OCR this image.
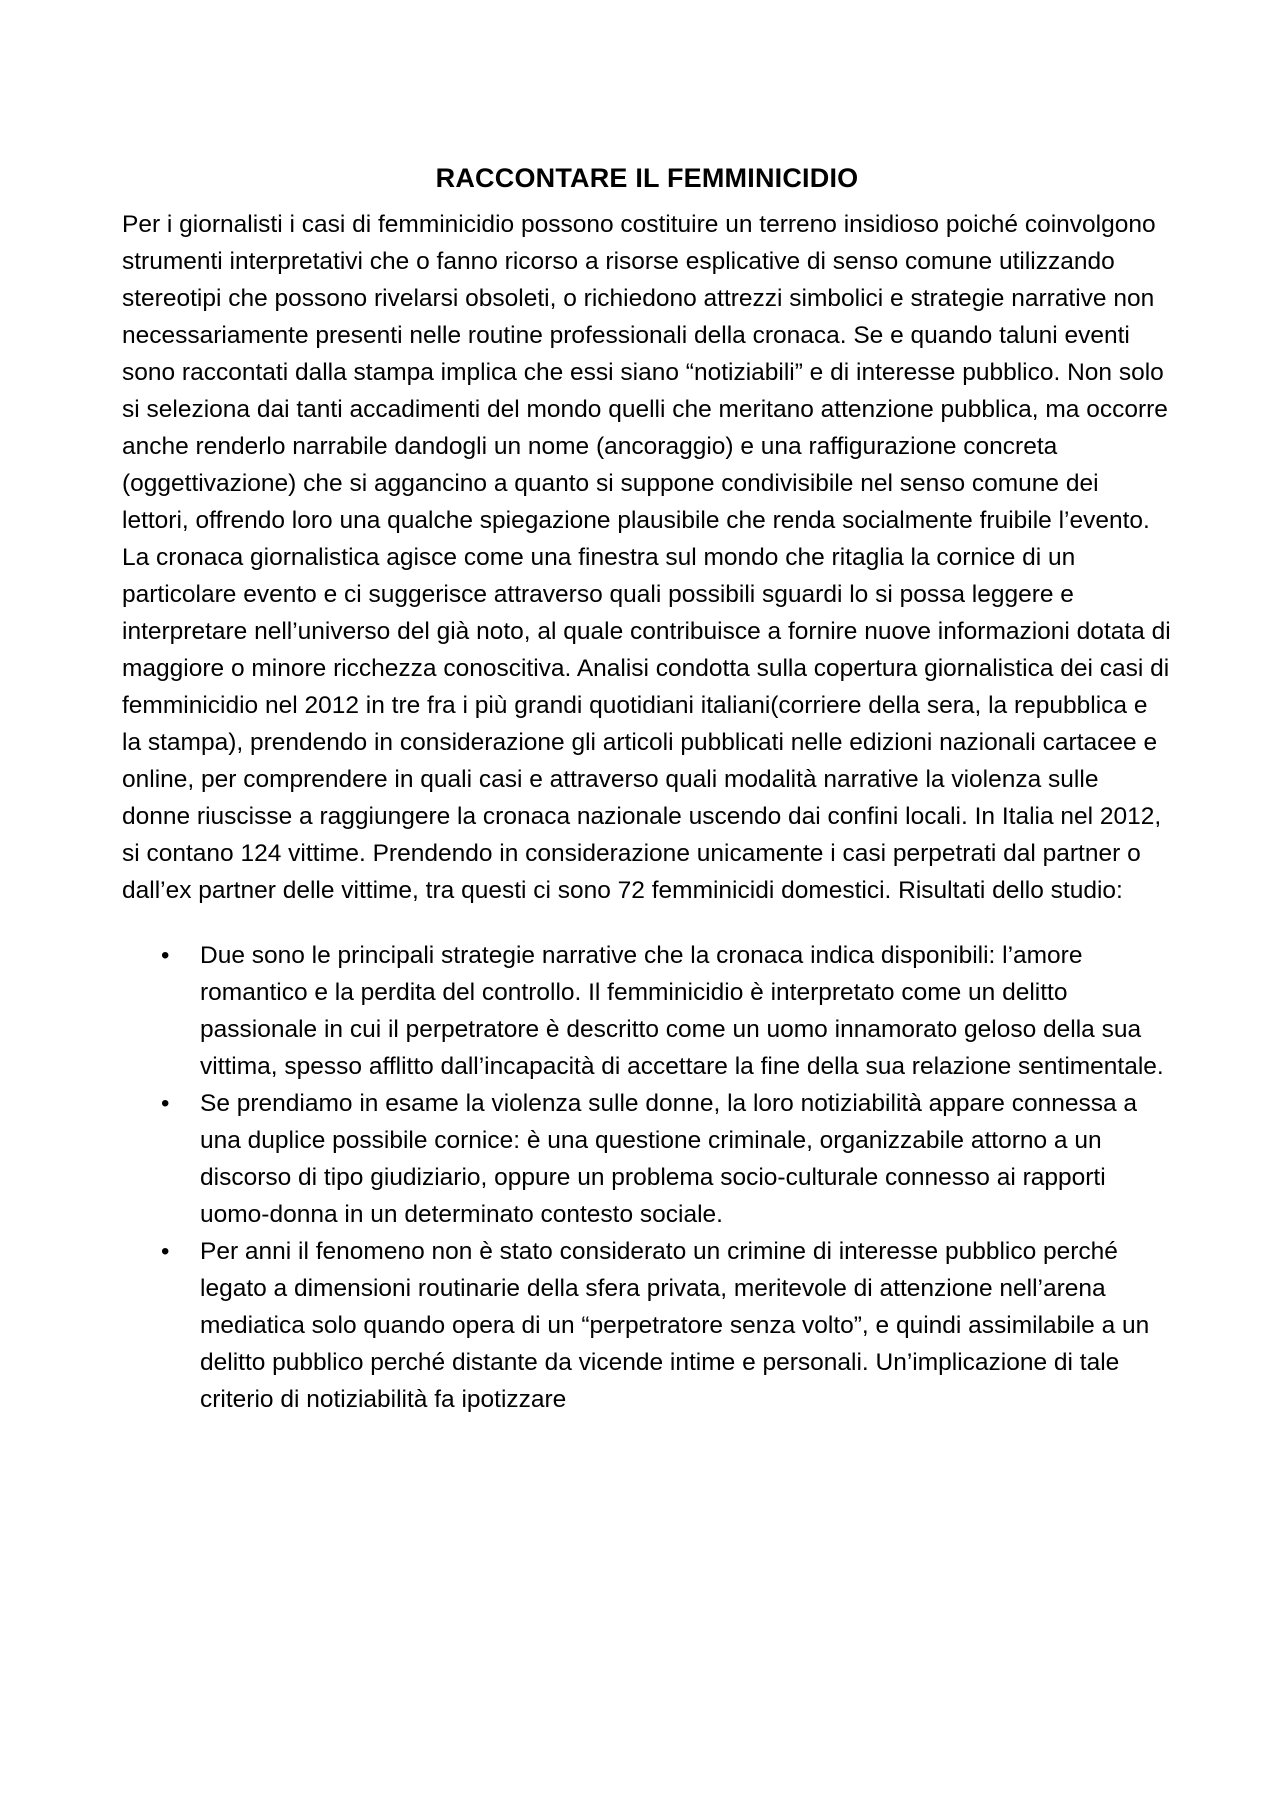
RACCONTARE IL FEMMINICIDIO

Per i giornalisti i casi di femminicidio possono costituire un terreno insidioso poiché coinvolgono strumenti interpretativi che o fanno ricorso a risorse esplicative di senso comune utilizzando stereotipi che possono rivelarsi obsoleti, o richiedono attrezzi simbolici e strategie narrative non necessariamente presenti nelle routine professionali della cronaca. Se e quando taluni eventi sono raccontati dalla stampa implica che essi siano “notiziabili” e di interesse pubblico. Non solo si seleziona dai tanti accadimenti del mondo quelli che meritano attenzione pubblica, ma occorre anche renderlo narrabile dandogli un nome (ancoraggio) e una raffigurazione concreta (oggettivazione) che si aggancino a quanto si suppone condivisibile nel senso comune dei lettori, offrendo loro una qualche spiegazione plausibile che renda socialmente fruibile l’evento. La cronaca giornalistica agisce come una finestra sul mondo che ritaglia la cornice di un particolare evento e ci suggerisce attraverso quali possibili sguardi lo si possa leggere e interpretare nell’universo del già noto, al quale contribuisce a fornire nuove informazioni dotata di maggiore o minore ricchezza conoscitiva. Analisi condotta sulla copertura giornalistica dei casi di femminicidio nel 2012 in tre fra i più grandi quotidiani italiani(corriere della sera, la repubblica e la stampa), prendendo in considerazione gli articoli pubblicati nelle edizioni nazionali cartacee e online, per comprendere in quali casi e attraverso quali modalità narrative la violenza sulle donne riuscisse a raggiungere la cronaca nazionale uscendo dai confini locali. In Italia nel 2012, si contano 124 vittime. Prendendo in considerazione unicamente i casi perpetrati dal partner o dall’ex partner delle vittime, tra questi ci sono 72 femminicidi domestici. Risultati dello studio:

• Due sono le principali strategie narrative che la cronaca indica disponibili: l’amore romantico e la perdita del controllo. Il femminicidio è interpretato come un delitto passionale in cui il perpetratore è descritto come un uomo innamorato geloso della sua vittima, spesso afflitto dall’incapacità di accettare la fine della sua relazione sentimentale.
• Se prendiamo in esame la violenza sulle donne, la loro notiziabilità appare connessa a una duplice possibile cornice: è una questione criminale, organizzabile attorno a un discorso di tipo giudiziario, oppure un problema socio-culturale connesso ai rapporti uomo-donna in un determinato contesto sociale.
• Per anni il fenomeno non è stato considerato un crimine di interesse pubblico perché legato a dimensioni routinarie della sfera privata, meritevole di attenzione nell’arena mediatica solo quando opera di un “perpetratore senza volto”, e quindi assimilabile a un delitto pubblico perché distante da vicende intime e personali. Un’implicazione di tale criterio di notiziabilità fa ipotizzare
